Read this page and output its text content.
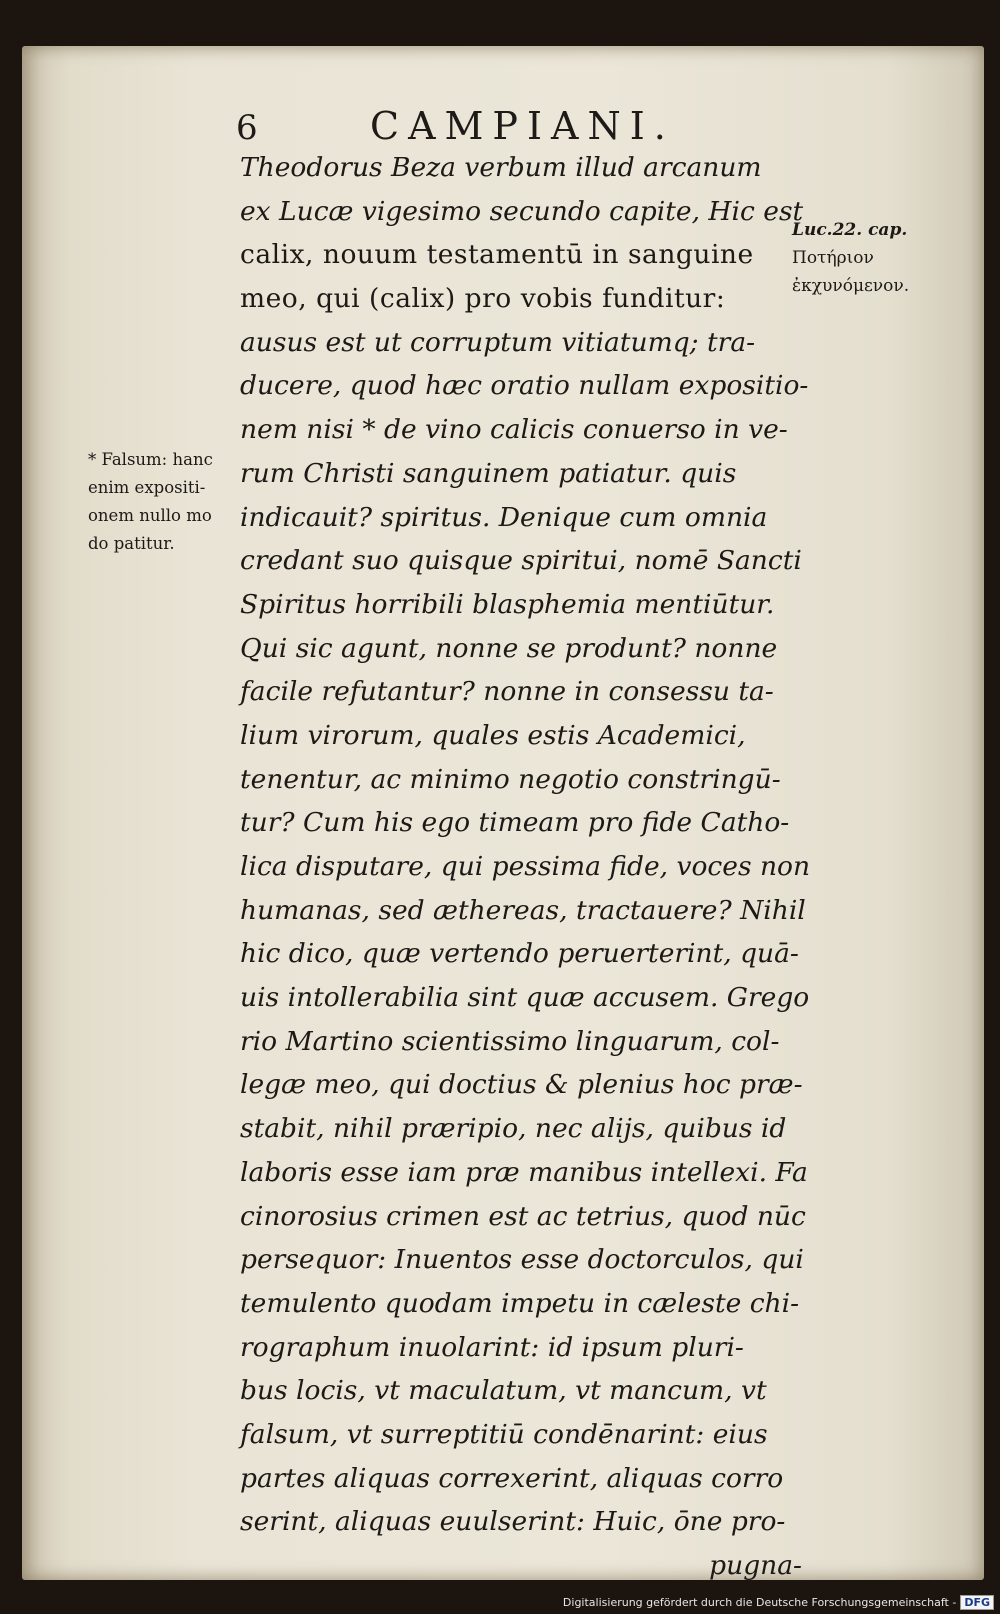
6	CAMPIANI.
Theodorus Beza verbum illud arcanum
ex Lucæ vigesimo secundo capite, Hic est
calix, nouum testamentū in sanguine
meo, qui (calix) pro vobis funditur:
ausus est ut corruptum vitiatumq; tra-
ducere, quod hæc oratio nullam expositio-
nem nisi * de vino calicis conuerso in ve-
rum Christi sanguinem patiatur. quis
indicauit? spiritus. Denique cum omnia
credant suo quisque spiritui, nomē Sancti
Spiritus horribili blasphemia mentiūtur.
Qui sic agunt, nonne se produnt? nonne
facile refutantur? nonne in consessu ta-
lium virorum, quales estis Academici,
tenentur, ac minimo negotio constringū-
tur? Cum his ego timeam pro fide Catho-
lica disputare, qui pessima fide, voces non
humanas, sed æthereas, tractauere? Nihil
hic dico, quæ vertendo peruerterint, quā-
uis intollerabilia sint quæ accusem. Grego
rio Martino scientissimo linguarum, col-
legæ meo, qui doctius & plenius hoc præ-
stabit, nihil præripio, nec alijs, quibus id
laboris esse iam præ manibus intellexi. Fa
cinorosius crimen est ac tetrius, quod nūc
persequor: Inuentos esse doctorculos, qui
temulento quodam impetu in cæleste chi-
rographum inuolarint: id ipsum pluri-
bus locis, vt maculatum, vt mancum, vt
falsum, vt surreptitiū condēnarint: eius
partes aliquas correxerint, aliquas corro
serint, aliquas euulserint: Huic, ōne pro-
pugna-
Luc.22. cap.
Ποτήριον
ἐκχυνόμενον.
* Falsum: hanc
enim expositi-
onem nullo mo
do patitur.
Digitalisierung gefördert durch die Deutsche Forschungsgemeinschaft - DFG
